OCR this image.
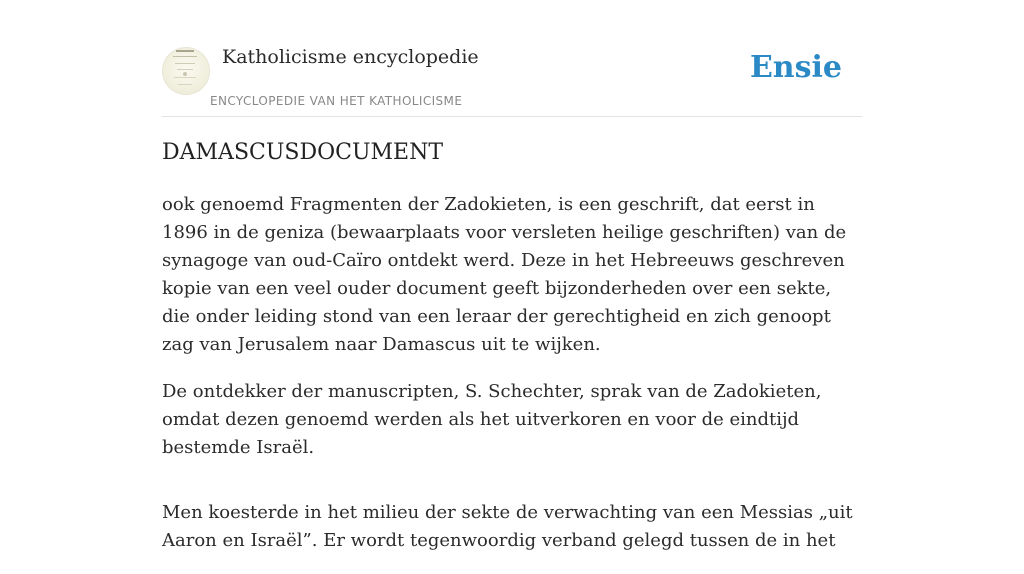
Katholicisme encyclopedie
ENCYCLOPEDIE VAN HET KATHOLICISME
Ensie
DAMASCUSDOCUMENT

ook genoemd Fragmenten der Zadokieten, is een geschrift, dat eerst in 1896 in de geniza (bewaarplaats voor versleten heilige geschriften) van de synagoge van oud-Caïro ontdekt werd. Deze in het Hebreeuws geschreven kopie van een veel ouder document geeft bijzonderheden over een sekte, die onder leiding stond van een leraar der gerechtigheid en zich genoopt zag van Jerusalem naar Damascus uit te wijken.

De ontdekker der manuscripten, S. Schechter, sprak van de Zadokieten, omdat dezen genoemd werden als het uitverkoren en voor de eindtijd bestemde Israël.

Men koesterde in het milieu der sekte de verwachting van een Messias „uit Aaron en Israël”. Er wordt tegenwoordig verband gelegd tussen de in het
